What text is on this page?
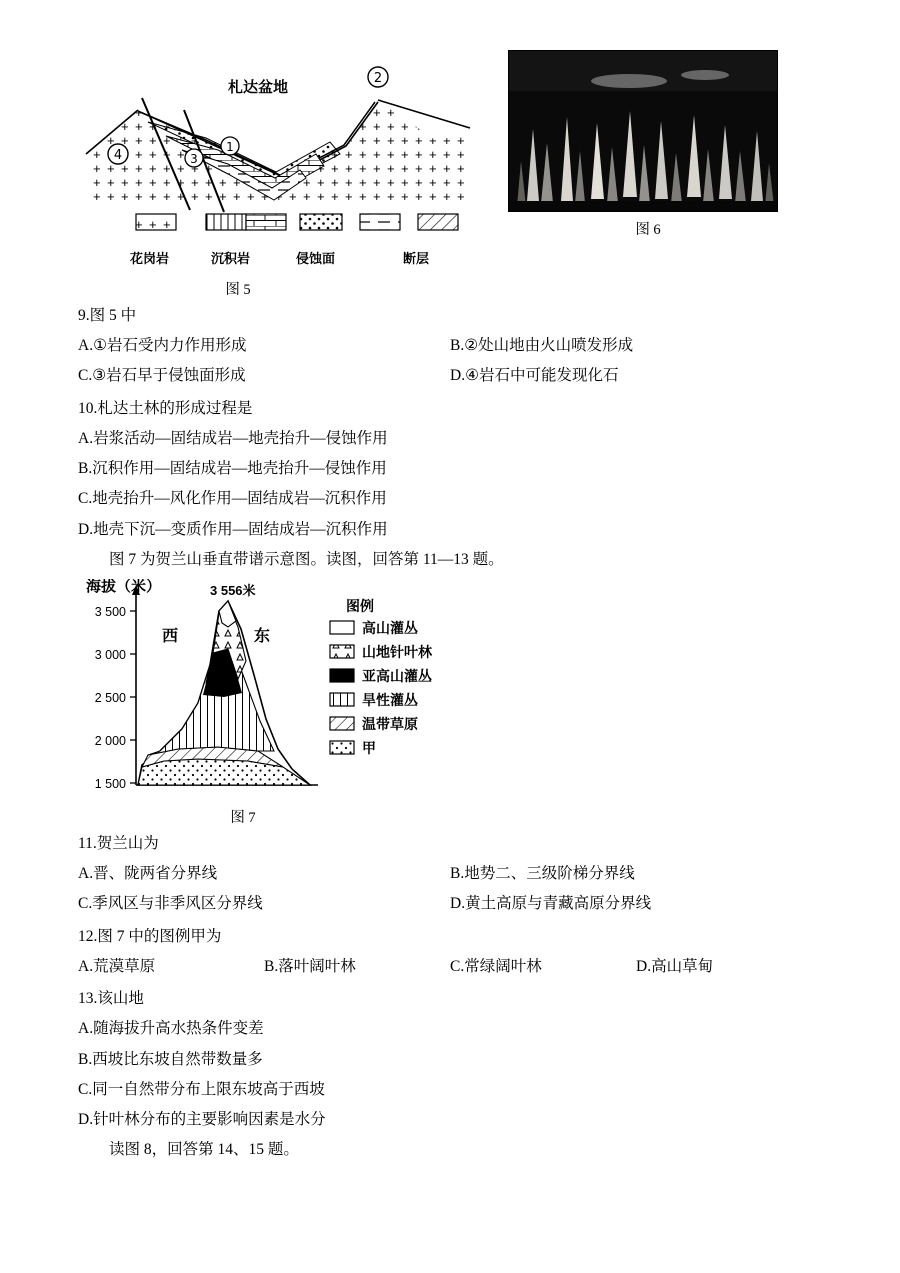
札达盆地
2
1
3
4
花岗岩	沉积岩	侵蚀面	断层
图 5
图 6
9.图 5 中
A.①岩石受内力作用形成	B.②处山地由火山喷发形成
C.③岩石早于侵蚀面形成	D.④岩石中可能发现化石
10.札达土林的形成过程是
A.岩浆活动—固结成岩—地壳抬升—侵蚀作用
B.沉积作用—固结成岩—地壳抬升—侵蚀作用
C.地壳抬升—风化作用—固结成岩—沉积作用
D.地壳下沉—变质作用—固结成岩—沉积作用
图 7 为贺兰山垂直带谱示意图。读图，回答第 11—13 题。
3 500
3 000
2 500
2 000
1 500
3 556米
西	东
海拔（米）
图例
高山灌丛
山地针叶林
亚高山灌丛
旱性灌丛
温带草原
甲
图 7
11.贺兰山为
A.晋、陇两省分界线	B.地势二、三级阶梯分界线
C.季风区与非季风区分界线	D.黄土高原与青藏高原分界线
12.图 7 中的图例甲为
A.荒漠草原	B.落叶阔叶林	C.常绿阔叶林	D.高山草甸
13.该山地
A.随海拔升高水热条件变差
B.西坡比东坡自然带数量多
C.同一自然带分布上限东坡高于西坡
D.针叶林分布的主要影响因素是水分
读图 8，回答第 14、15 题。
